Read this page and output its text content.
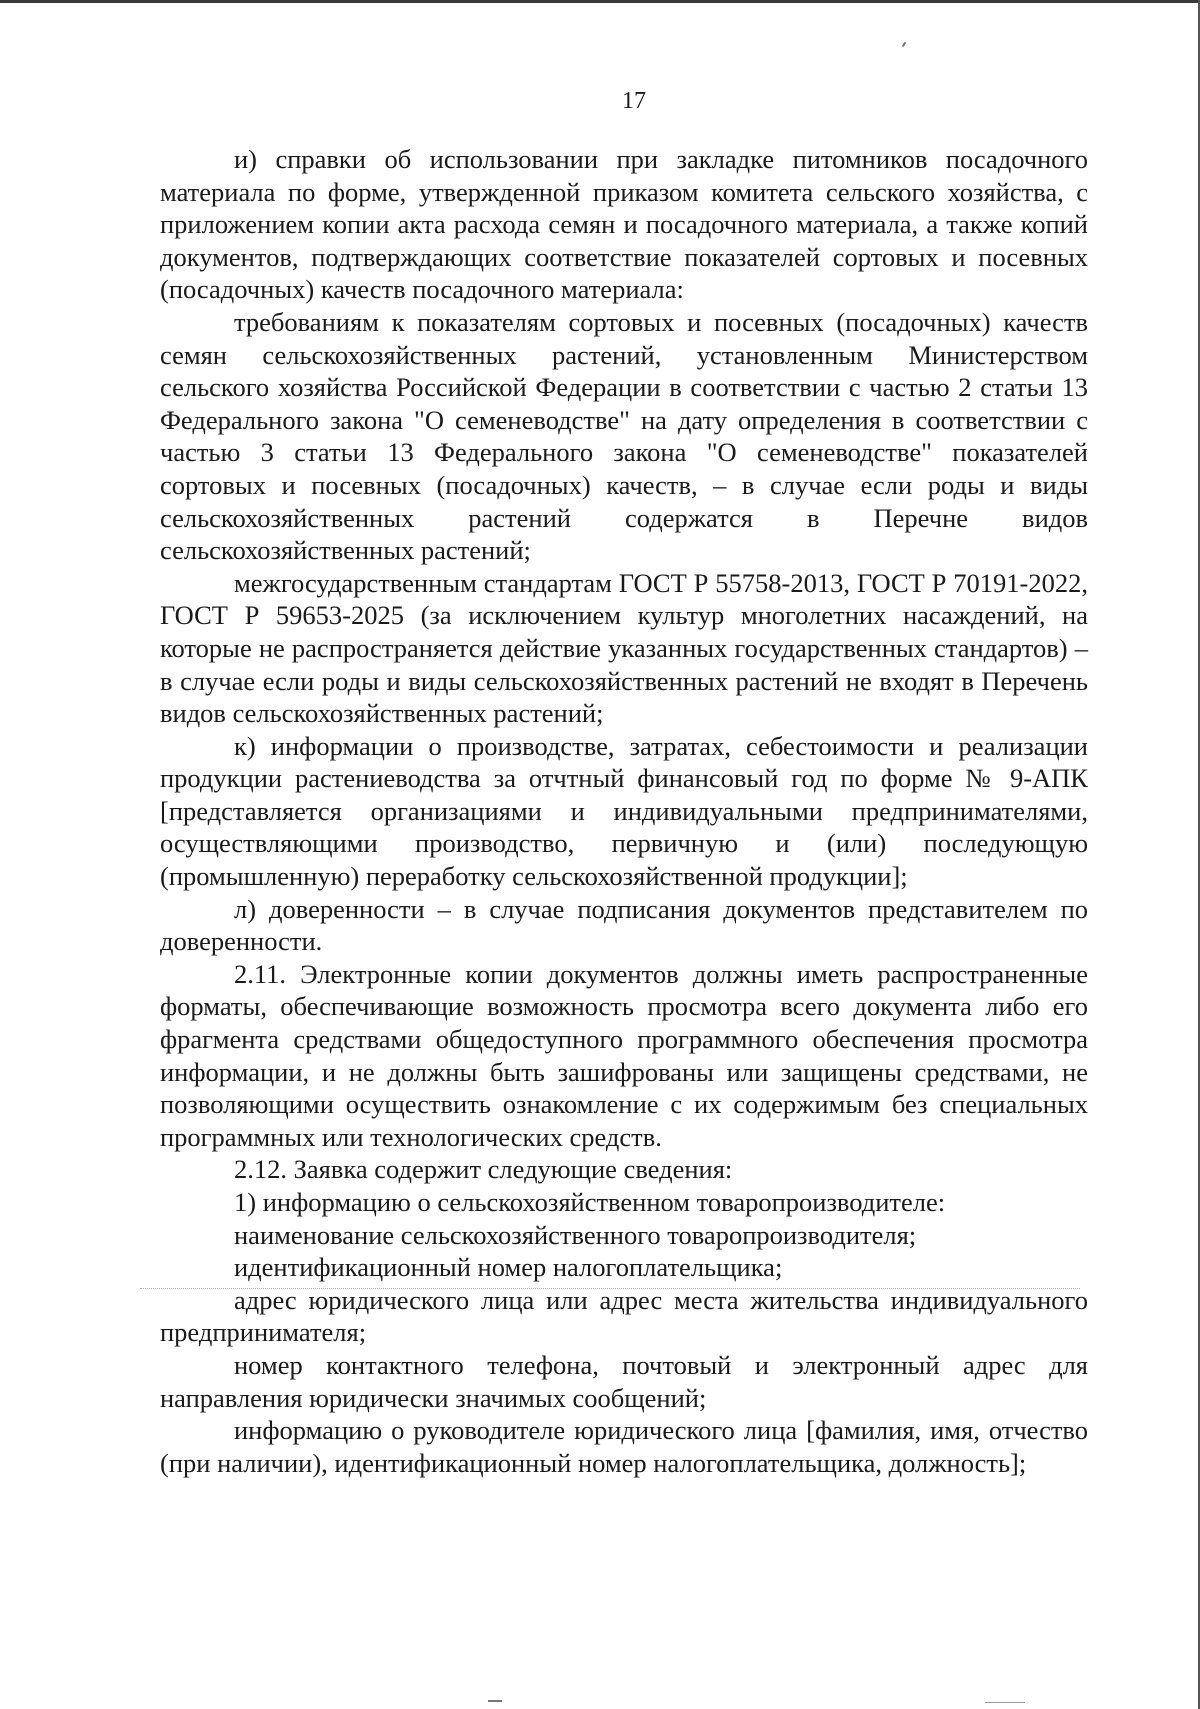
17

и) справки об использовании при закладке питомников посадочного материала по форме, утвержденной приказом комитета сельского хозяйства, с приложением копии акта расхода семян и посадочного материала, а также копий документов, подтверждающих соответствие показателей сортовых и посевных (посадочных) качеств посадочного материала:

требованиям к показателям сортовых и посевных (посадочных) качеств семян сельскохозяйственных растений, установленным Министерством сельского хозяйства Российской Федерации в соответствии с частью 2 статьи 13 Федерального закона "О семеневодстве" на дату определения в соответствии с частью 3 статьи 13 Федерального закона "О семеневодстве" показателей сортовых и посевных (посадочных) качеств, – в случае если роды и виды сельскохозяйственных растений содержатся в Перечне видов сельскохозяйственных растений;

межгосударственным стандартам ГОСТ Р 55758-2013, ГОСТ Р 70191-2022, ГОСТ Р 59653-2025 (за исключением культур многолетних насаждений, на которые не распространяется действие указанных государственных стандартов) – в случае если роды и виды сельскохозяйственных растений не входят в Перечень видов сельскохозяйственных растений;

к) информации о производстве, затратах, себестоимости и реализации продукции растениеводства за отчтный финансовый год по форме № 9-АПК [представляется организациями и индивидуальными предпринимателями, осуществляющими производство, первичную и (или) последующую (промышленную) переработку сельскохозяйственной продукции];

л) доверенности – в случае подписания документов представителем по доверенности.

2.11. Электронные копии документов должны иметь распространенные форматы, обеспечивающие возможность просмотра всего документа либо его фрагмента средствами общедоступного программного обеспечения просмотра информации, и не должны быть зашифрованы или защищены средствами, не позволяющими осуществить ознакомление с их содержимым без специальных программных или технологических средств.

2.12. Заявка содержит следующие сведения:

1) информацию о сельскохозяйственном товаропроизводителе:

наименование сельскохозяйственного товаропроизводителя;

идентификационный номер налогоплательщика;

адрес юридического лица или адрес места жительства индивидуального предпринимателя;

номер контактного телефона, почтовый и электронный адрес для направления юридически значимых сообщений;

информацию о руководителе юридического лица [фамилия, имя, отчество (при наличии), идентификационный номер налогоплательщика, должность];
